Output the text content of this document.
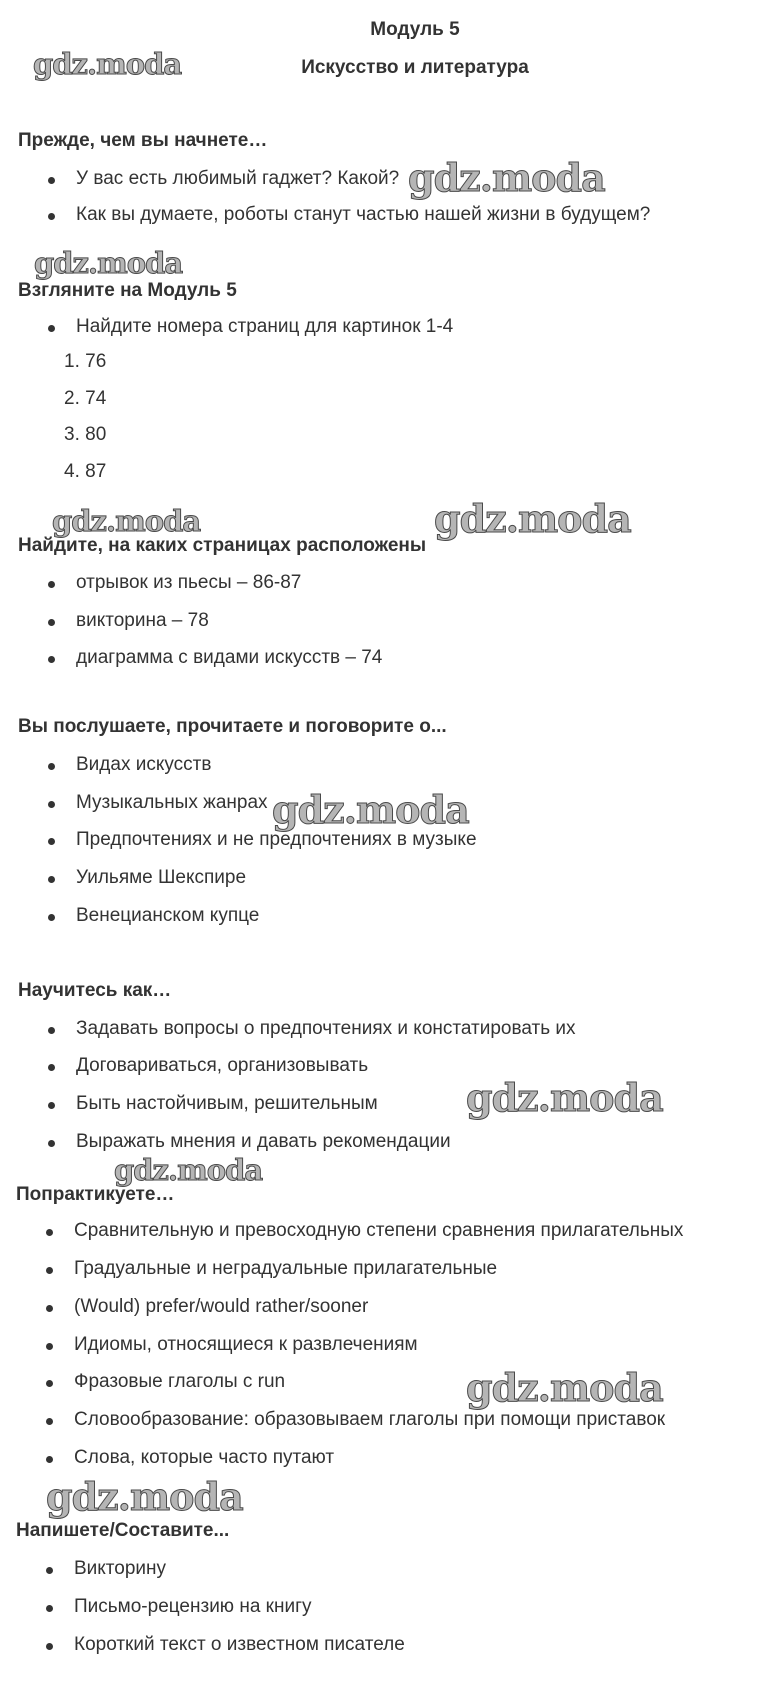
Модуль 5
Искусство и литература
Прежде, чем вы начнете…
У вас есть любимый гаджет? Какой?
Как вы думаете, роботы станут частью нашей жизни в будущем?
Взгляните на Модуль 5
Найдите номера страниц для картинок 1-4
1. 76
2. 74
3. 80
4. 87
Найдите, на каких страницах расположены
отрывок из пьесы – 86-87
викторина – 78
диаграмма с видами искусств – 74
Вы послушаете, прочитаете и поговорите о...
Видах искусств
Музыкальных жанрах
Предпочтениях и не предпочтениях в музыке
Уильяме Шекспире
Венецианском купце
Научитесь как…
Задавать вопросы о предпочтениях и констатировать их
Договариваться, организовывать
Быть настойчивым, решительным
Выражать мнения и давать рекомендации
Попрактикуете…
Сравнительную и превосходную степени сравнения прилагательных
Градуальные и неградуальные прилагательные
(Would) prefer/would rather/sooner
Идиомы, относящиеся к развлечениям
Фразовые глаголы с run
Словообразование: образовываем глаголы при помощи приставок
Слова, которые часто путают
Напишете/Составите...
Викторину
Письмо-рецензию на книгу
Короткий текст о известном писателе
gdz.moda
gdz.moda
gdz.moda
gdz.moda	gdz.moda
gdz.moda
gdz.moda
gdz.moda
gdz.moda
gdz.moda
